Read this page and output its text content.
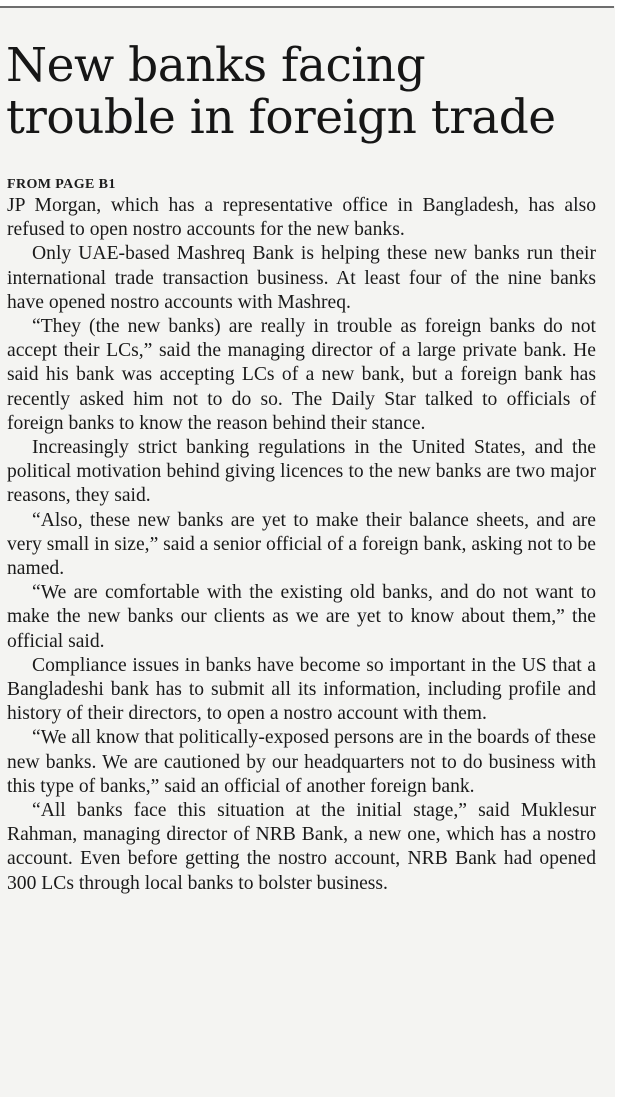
New banks facing
trouble in foreign trade
FROM PAGE B1

JP Morgan, which has a representative office in Bangladesh, has also refused to open nostro accounts for the new banks.

Only UAE-based Mashreq Bank is helping these new banks run their international trade transaction business. At least four of the nine banks have opened nostro accounts with Mashreq.

“They (the new banks) are really in trouble as foreign banks do not accept their LCs,” said the managing director of a large private bank. He said his bank was accepting LCs of a new bank, but a foreign bank has recently asked him not to do so. The Daily Star talked to officials of foreign banks to know the reason behind their stance.

Increasingly strict banking regulations in the United States, and the political motivation behind giving licences to the new banks are two major reasons, they said.

“Also, these new banks are yet to make their balance sheets, and are very small in size,” said a senior official of a foreign bank, asking not to be named.

“We are comfortable with the existing old banks, and do not want to make the new banks our clients as we are yet to know about them,” the official said.

Compliance issues in banks have become so important in the US that a Bangladeshi bank has to submit all its information, including profile and history of their directors, to open a nostro account with them.

“We all know that politically-exposed persons are in the boards of these new banks. We are cautioned by our headquarters not to do business with this type of banks,” said an official of another foreign bank.

“All banks face this situation at the initial stage,” said Muklesur Rahman, managing director of NRB Bank, a new one, which has a nostro account. Even before getting the nostro account, NRB Bank had opened 300 LCs through local banks to bolster business.
